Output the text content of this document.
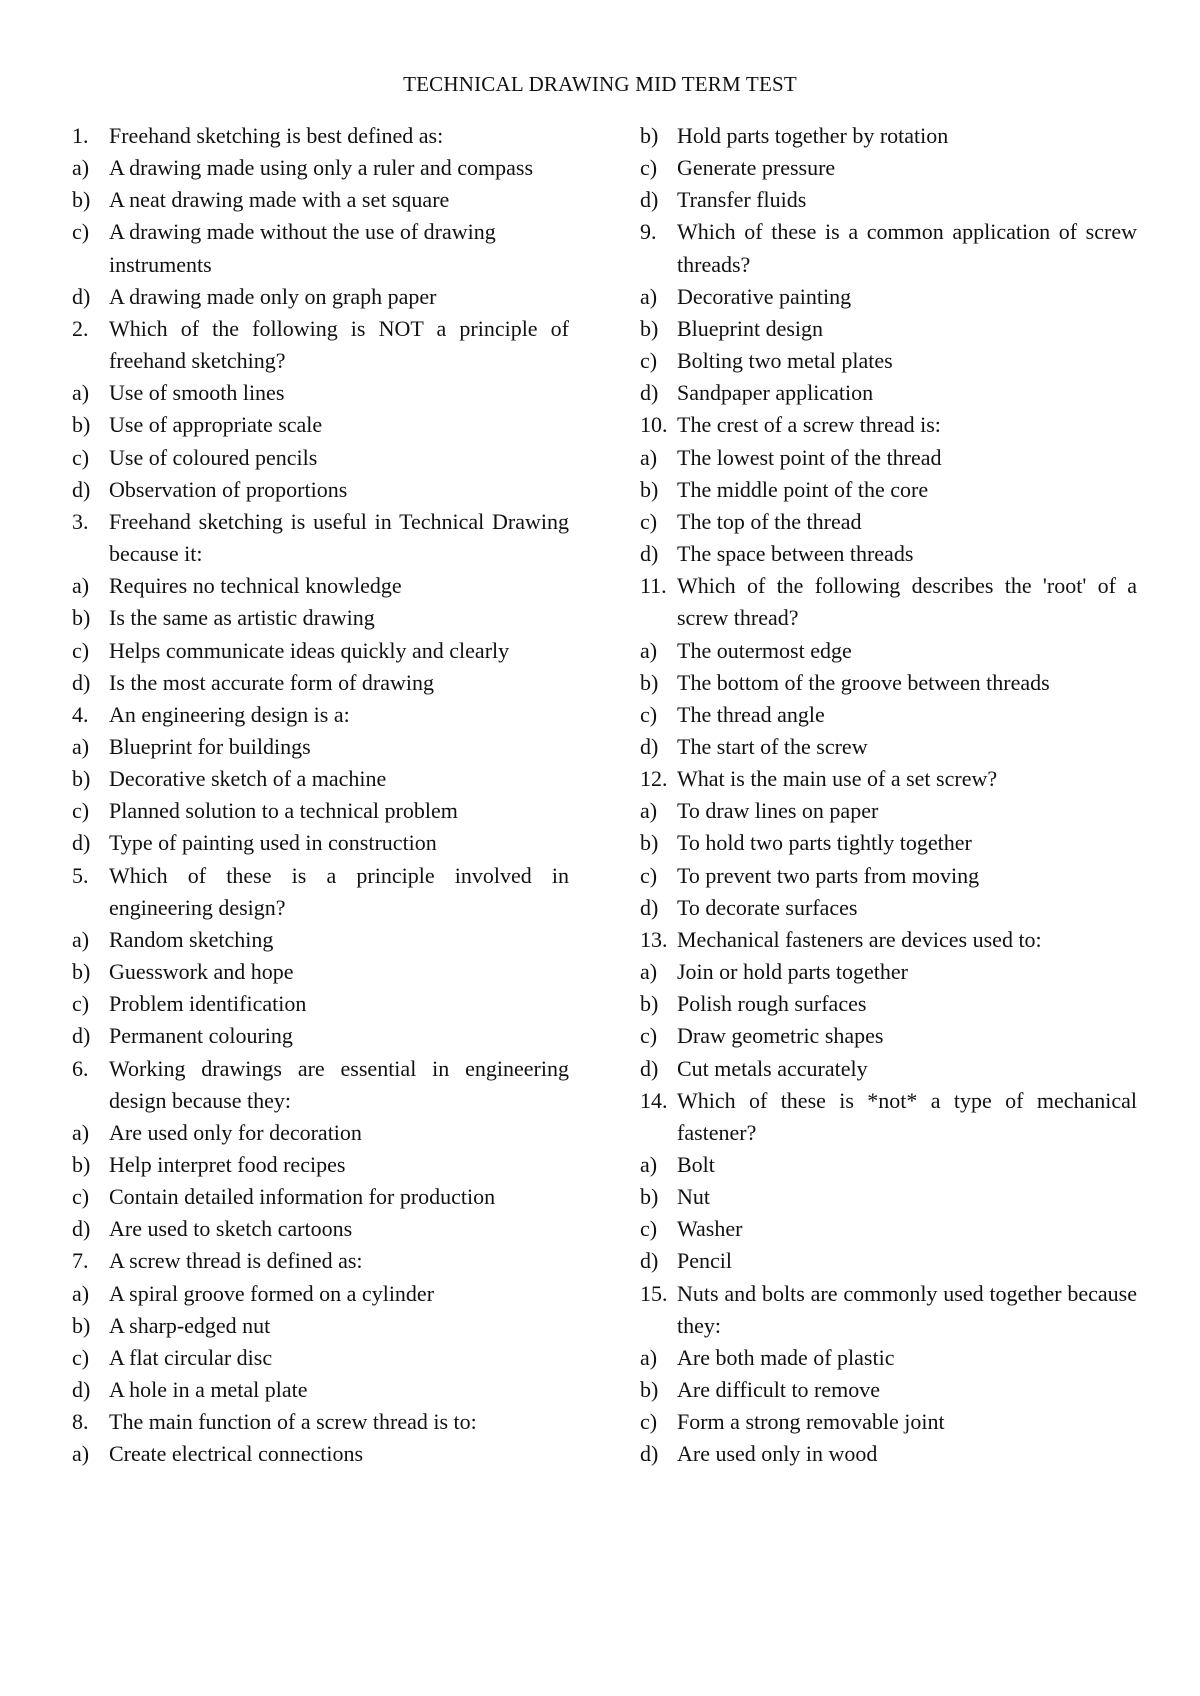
TECHNICAL DRAWING MID TERM TEST
1. Freehand sketching is best defined as:
a) A drawing made using only a ruler and compass
b) A neat drawing made with a set square
c) A drawing made without the use of drawing instruments
d) A drawing made only on graph paper
2. Which of the following is NOT a principle of freehand sketching?
a) Use of smooth lines
b) Use of appropriate scale
c) Use of coloured pencils
d) Observation of proportions
3. Freehand sketching is useful in Technical Drawing because it:
a) Requires no technical knowledge
b) Is the same as artistic drawing
c) Helps communicate ideas quickly and clearly
d) Is the most accurate form of drawing
4. An engineering design is a:
a) Blueprint for buildings
b) Decorative sketch of a machine
c) Planned solution to a technical problem
d) Type of painting used in construction
5. Which of these is a principle involved in engineering design?
a) Random sketching
b) Guesswork and hope
c) Problem identification
d) Permanent colouring
6. Working drawings are essential in engineering design because they:
a) Are used only for decoration
b) Help interpret food recipes
c) Contain detailed information for production
d) Are used to sketch cartoons
7. A screw thread is defined as:
a) A spiral groove formed on a cylinder
b) A sharp-edged nut
c) A flat circular disc
d) A hole in a metal plate
8. The main function of a screw thread is to:
a) Create electrical connections
b) Hold parts together by rotation
c) Generate pressure
d) Transfer fluids
9. Which of these is a common application of screw threads?
a) Decorative painting
b) Blueprint design
c) Bolting two metal plates
d) Sandpaper application
10. The crest of a screw thread is:
a) The lowest point of the thread
b) The middle point of the core
c) The top of the thread
d) The space between threads
11. Which of the following describes the 'root' of a screw thread?
a) The outermost edge
b) The bottom of the groove between threads
c) The thread angle
d) The start of the screw
12. What is the main use of a set screw?
a) To draw lines on paper
b) To hold two parts tightly together
c) To prevent two parts from moving
d) To decorate surfaces
13. Mechanical fasteners are devices used to:
a) Join or hold parts together
b) Polish rough surfaces
c) Draw geometric shapes
d) Cut metals accurately
14. Which of these is *not* a type of mechanical fastener?
a) Bolt
b) Nut
c) Washer
d) Pencil
15. Nuts and bolts are commonly used together because they:
a) Are both made of plastic
b) Are difficult to remove
c) Form a strong removable joint
d) Are used only in wood
